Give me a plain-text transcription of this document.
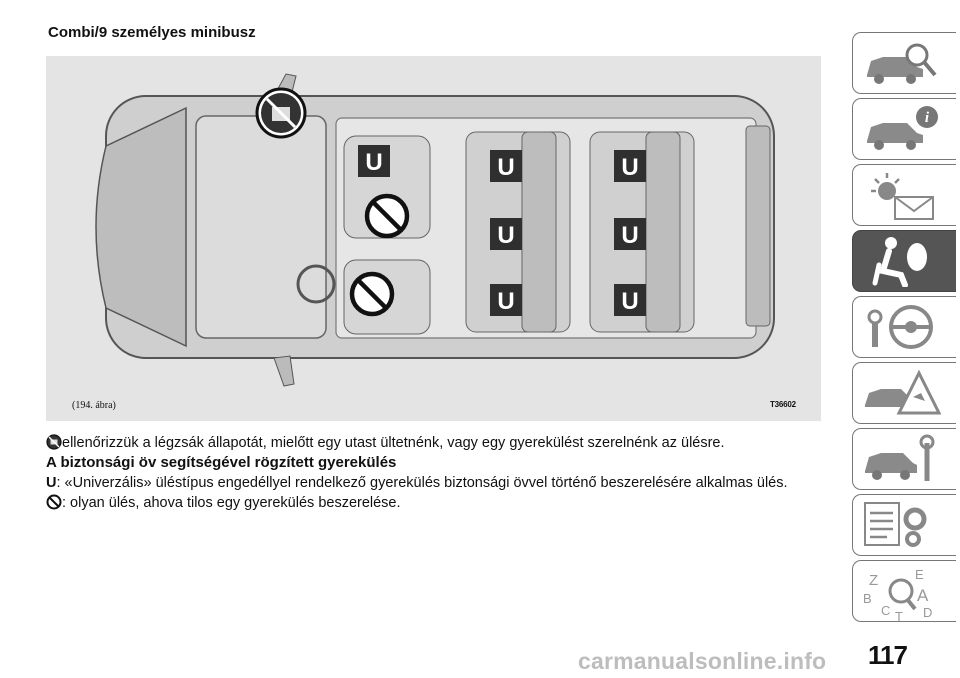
Combi/9 személyes minibusz
U	U
U
U
U
U
U
(194. ábra)	T36602
ellenőrizzük a légzsák állapotát, mielőtt egy utast ültetnénk, vagy egy gyerekülést szerelnénk az ülésre.
A biztonsági öv segítségével rögzített gyerekülés
U: «Univerzális» üléstípus engedéllyel rendelkező gyerekülés biztonsági övvel történő beszerelésére alkalmas ülés.
: olyan ülés, ahova tilos egy gyerekülés beszerelése.
i
Z	E
B	A
C	D
T
117
carmanualsonline.info
